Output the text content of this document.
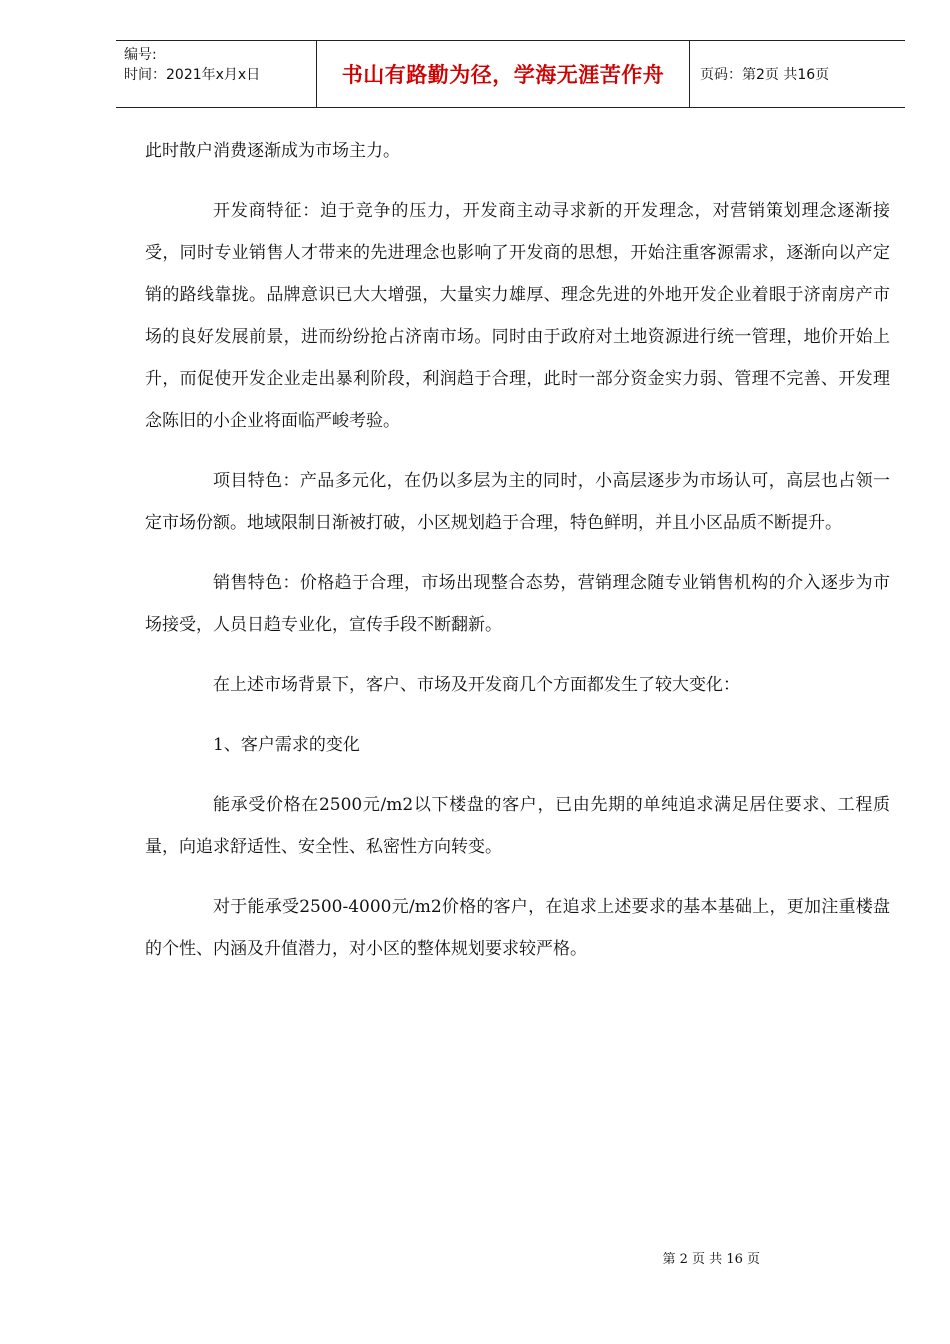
编号:
时间：2021年x月x日	书山有路勤为径，学海无涯苦作舟	页码：第2页 共16页

此时散户消费逐渐成为市场主力。

开发商特征：迫于竞争的压力，开发商主动寻求新的开发理念，对营销策划理念逐渐接受，同时专业销售人才带来的先进理念也影响了开发商的思想，开始注重客源需求，逐渐向以产定销的路线靠拢。品牌意识已大大增强，大量实力雄厚、理念先进的外地开发企业着眼于济南房产市场的良好发展前景，进而纷纷抢占济南市场。同时由于政府对土地资源进行统一管理，地价开始上升，而促使开发企业走出暴利阶段，利润趋于合理，此时一部分资金实力弱、管理不完善、开发理念陈旧的小企业将面临严峻考验。

项目特色：产品多元化，在仍以多层为主的同时，小高层逐步为市场认可，高层也占领一定市场份额。地域限制日渐被打破，小区规划趋于合理，特色鲜明，并且小区品质不断提升。

销售特色：价格趋于合理，市场出现整合态势，营销理念随专业销售机构的介入逐步为市场接受，人员日趋专业化，宣传手段不断翻新。

在上述市场背景下，客户、市场及开发商几个方面都发生了较大变化：

1、客户需求的变化

能承受价格在2500元/m2以下楼盘的客户，已由先期的单纯追求满足居住要求、工程质量，向追求舒适性、安全性、私密性方向转变。

对于能承受2500-4000元/m2价格的客户，在追求上述要求的基本基础上，更加注重楼盘的个性、内涵及升值潜力，对小区的整体规划要求较严格。

第 2 页 共 16 页
